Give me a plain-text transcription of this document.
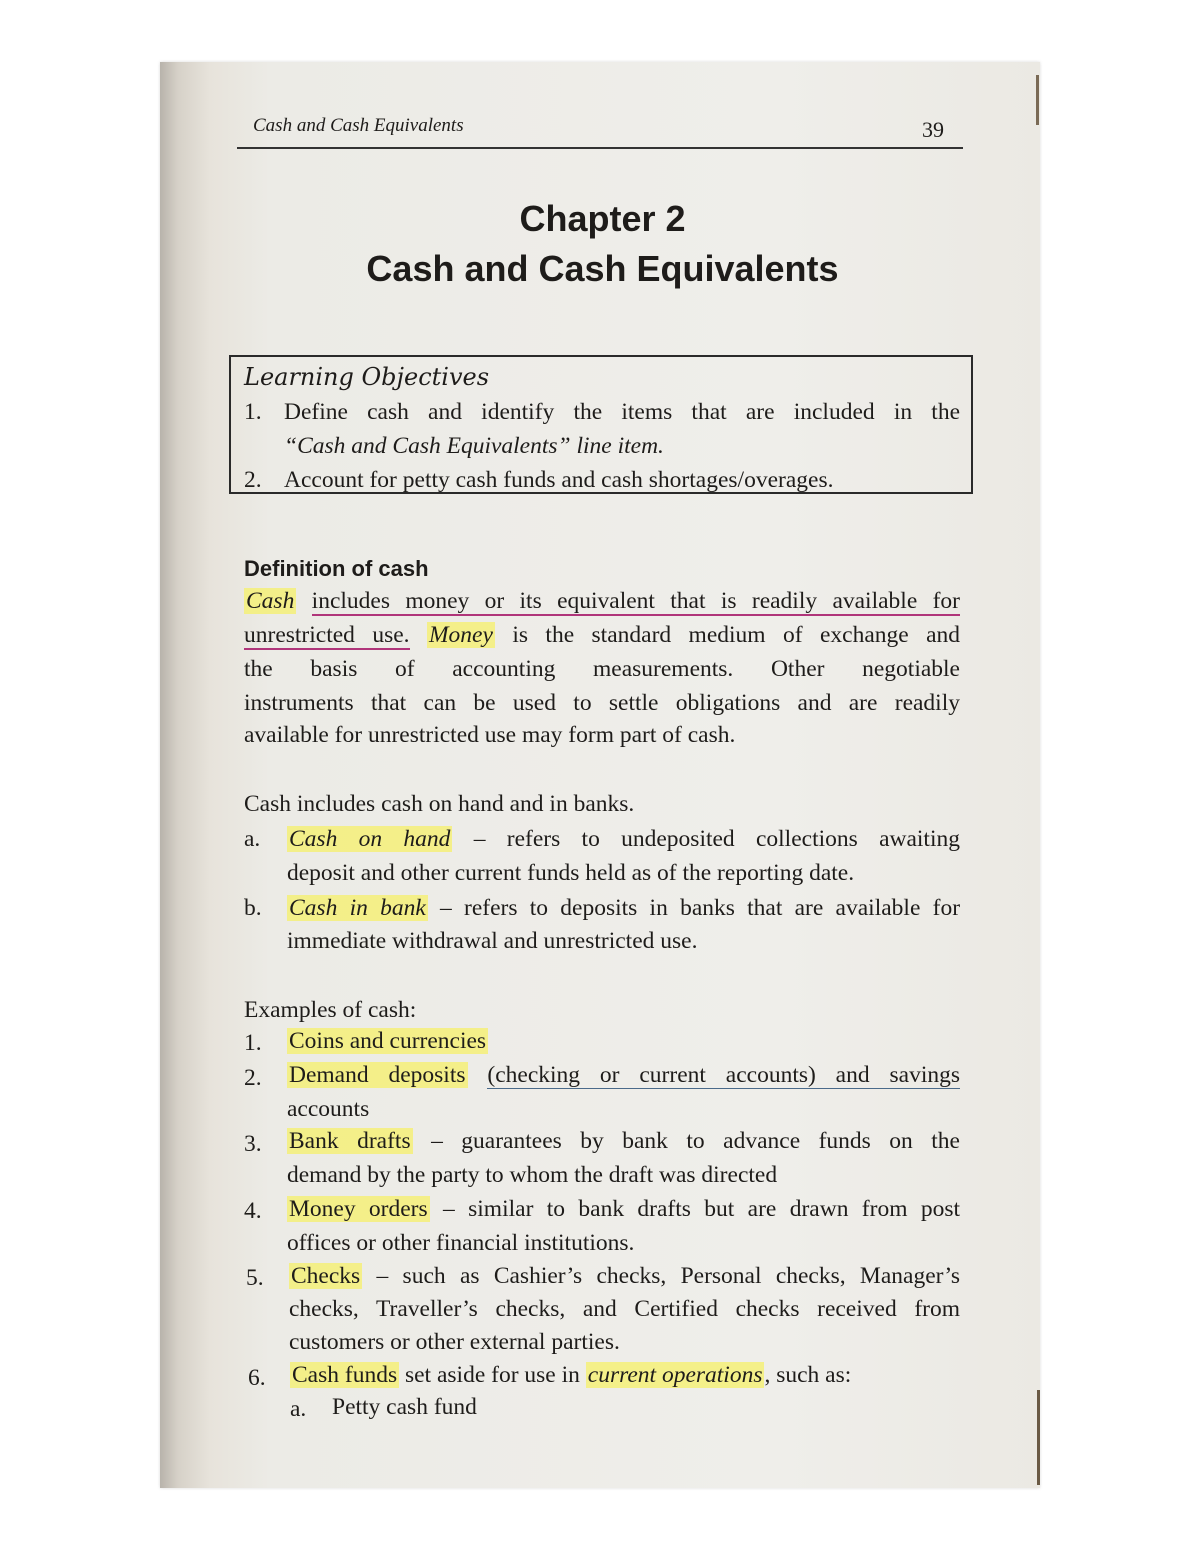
Cash and Cash Equivalents	39
Chapter 2
Cash and Cash Equivalents
Learning Objectives
1. Define cash and identify the items that are included in the
“Cash and Cash Equivalents” line item.
2. Account for petty cash funds and cash shortages/overages.
Definition of cash
Cash includes money or its equivalent that is readily available for
unrestricted use. Money is the standard medium of exchange and
the basis of accounting measurements. Other negotiable
instruments that can be used to settle obligations and are readily
available for unrestricted use may form part of cash.
Cash includes cash on hand and in banks.
a. Cash on hand – refers to undeposited collections awaiting
deposit and other current funds held as of the reporting date.
b. Cash in bank – refers to deposits in banks that are available for
immediate withdrawal and unrestricted use.
Examples of cash:
1. Coins and currencies
2. Demand deposits (checking or current accounts) and savings
accounts
3. Bank drafts – guarantees by bank to advance funds on the
demand by the party to whom the draft was directed
4. Money orders – similar to bank drafts but are drawn from post
offices or other financial institutions.
5. Checks – such as Cashier’s checks, Personal checks, Manager’s
checks, Traveller’s checks, and Certified checks received from
customers or other external parties.
6. Cash funds set aside for use in current operations, such as:
a. Petty cash fund
